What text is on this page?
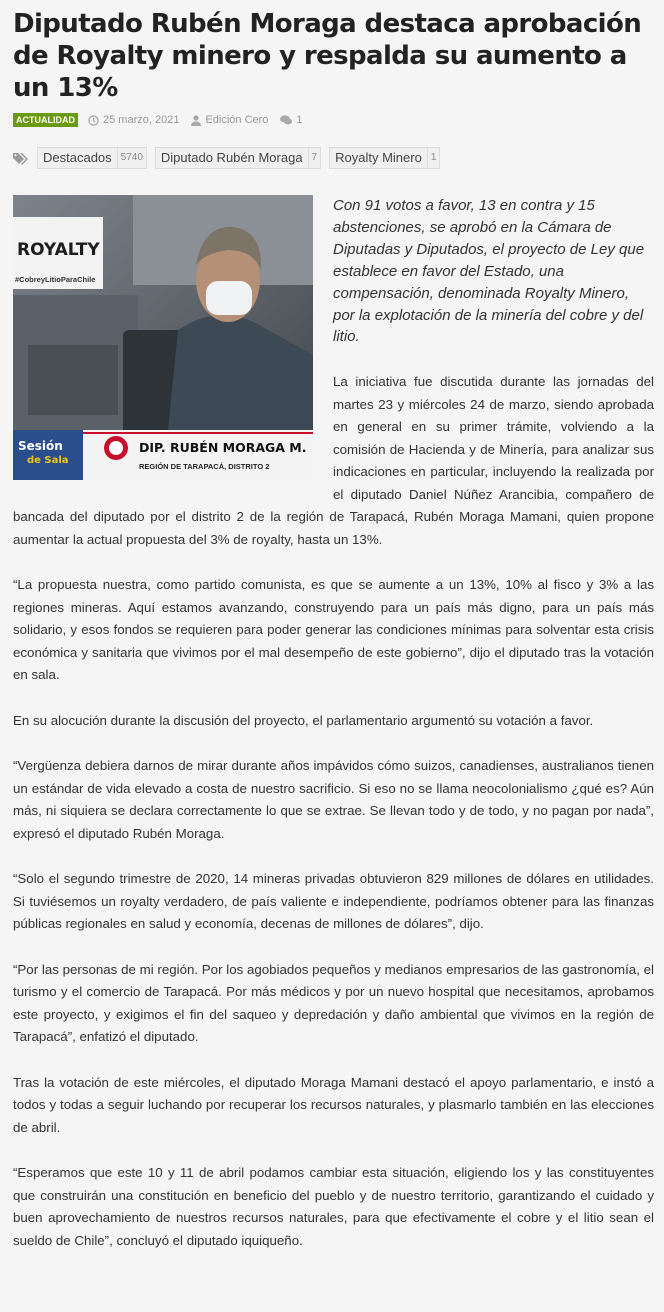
Diputado Rubén Moraga destaca aprobación de Royalty minero y respalda su aumento a un 13%
ACTUALIDAD	25 marzo, 2021 Edición Cero	1
Destacados 5740	Diputado Rubén Moraga 7	Royalty Minero 1
ROYALTY
#CobreyLitioParaChile
Sesión
de Sala
DIP. RUBÉN MORAGA M.
REGIÓN DE TARAPACÁ, DISTRITO 2

Con 91 votos a favor, 13 en contra y 15 abstenciones, se aprobó en la Cámara de Diputadas y Diputados, el proyecto de Ley que establece en favor del Estado, una compensación, denominada Royalty Minero, por la explotación de la minería del cobre y del litio.

La iniciativa fue discutida durante las jornadas del martes 23 y miércoles 24 de marzo, siendo aprobada en general en su primer trámite, volviendo a la comisión de Hacienda y de Minería, para analizar sus indicaciones en particular, incluyendo la realizada por el diputado Daniel Núñez Arancibia, compañero de bancada del diputado por el distrito 2 de la región de Tarapacá, Rubén Moraga Mamani, quien propone aumentar la actual propuesta del 3% de royalty, hasta un 13%.

“La propuesta nuestra, como partido comunista, es que se aumente a un 13%, 10% al fisco y 3% a las regiones mineras. Aquí estamos avanzando, construyendo para un país más digno, para un país más solidario, y esos fondos se requieren para poder generar las condiciones mínimas para solventar esta crisis económica y sanitaria que vivimos por el mal desempeño de este gobierno”, dijo el diputado tras la votación en sala.

En su alocución durante la discusión del proyecto, el parlamentario argumentó su votación a favor.

“Vergüenza debiera darnos de mirar durante años impávidos cómo suizos, canadienses, australianos tienen un estándar de vida elevado a costa de nuestro sacrificio. Si eso no se llama neocolonialismo ¿qué es? Aún más, ni siquiera se declara correctamente lo que se extrae. Se llevan todo y de todo, y no pagan por nada”, expresó el diputado Rubén Moraga.

“Solo el segundo trimestre de 2020, 14 mineras privadas obtuvieron 829 millones de dólares en utilidades. Si tuviésemos un royalty verdadero, de país valiente e independiente, podríamos obtener para las finanzas públicas regionales en salud y economía, decenas de millones de dólares”, dijo.

“Por las personas de mi región. Por los agobiados pequeños y medianos empresarios de las gastronomía, el turismo y el comercio de Tarapacá. Por más médicos y por un nuevo hospital que necesitamos, aprobamos este proyecto, y exigimos el fin del saqueo y depredación y daño ambiental que vivimos en la región de Tarapacá”, enfatizó el diputado.

Tras la votación de este miércoles, el diputado Moraga Mamani destacó el apoyo parlamentario, e instó a todos y todas a seguir luchando por recuperar los recursos naturales, y plasmarlo también en las elecciones de abril.

“Esperamos que este 10 y 11 de abril podamos cambiar esta situación, eligiendo los y las constituyentes que construirán una constitución en beneficio del pueblo y de nuestro territorio, garantizando el cuidado y buen aprovechamiento de nuestros recursos naturales, para que efectivamente el cobre y el litio sean el sueldo de Chile”, concluyó el diputado iquiqueño.
